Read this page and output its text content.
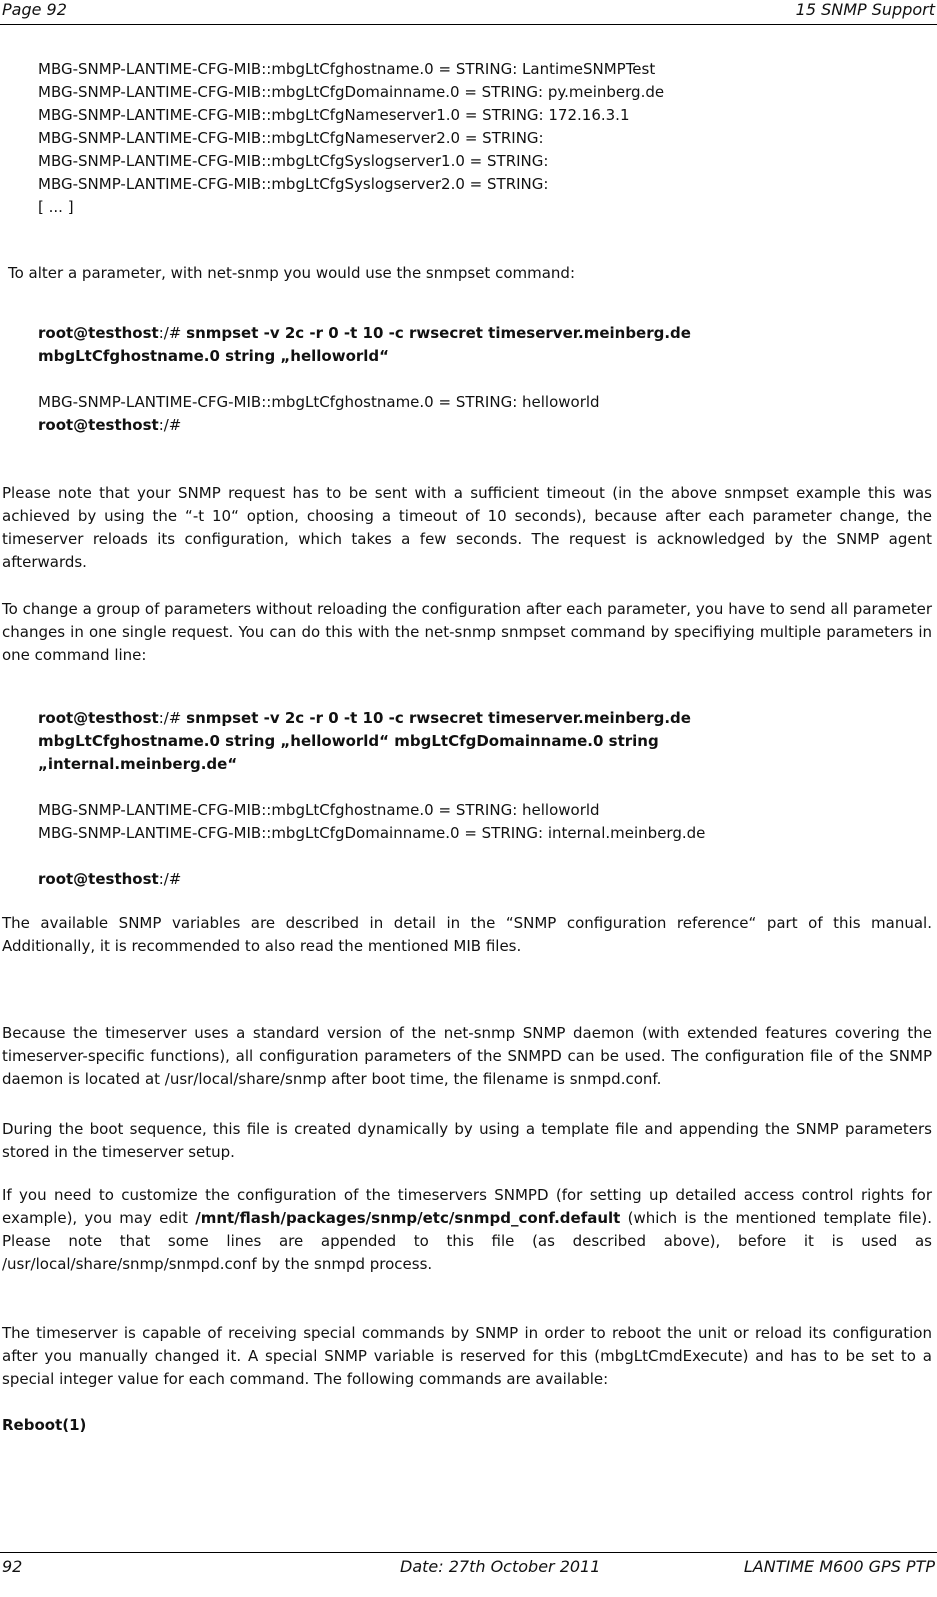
Page 92	15 SNMP Support
MBG-SNMP-LANTIME-CFG-MIB::mbgLtCfghostname.0 = STRING: LantimeSNMPTest
MBG-SNMP-LANTIME-CFG-MIB::mbgLtCfgDomainname.0 = STRING: py.meinberg.de
MBG-SNMP-LANTIME-CFG-MIB::mbgLtCfgNameserver1.0 = STRING: 172.16.3.1
MBG-SNMP-LANTIME-CFG-MIB::mbgLtCfgNameserver2.0 = STRING:
MBG-SNMP-LANTIME-CFG-MIB::mbgLtCfgSyslogserver1.0 = STRING:
MBG-SNMP-LANTIME-CFG-MIB::mbgLtCfgSyslogserver2.0 = STRING:
[ ... ]

To alter a parameter, with net-snmp you would use the snmpset command:

root@testhost:/# snmpset -v 2c -r 0 -t 10 -c rwsecret timeserver.meinberg.de
mbgLtCfghostname.0 string „helloworld“
MBG-SNMP-LANTIME-CFG-MIB::mbgLtCfghostname.0 = STRING: helloworld
root@testhost:/#

Please note that your SNMP request has to be sent with a sufficient timeout (in the above snmpset example this was achieved by using the “-t 10“ option, choosing a timeout of 10 seconds), because after each parameter change, the timeserver reloads its configuration, which takes a few seconds. The request is acknowledged by the SNMP agent afterwards.

To change a group of parameters without reloading the configuration after each parameter, you have to send all parameter changes in one single request. You can do this with the net-snmp snmpset command by specifiying multiple parameters in one command line:

root@testhost:/# snmpset -v 2c -r 0 -t 10 -c rwsecret timeserver.meinberg.de
mbgLtCfghostname.0 string „helloworld“ mbgLtCfgDomainname.0 string
„internal.meinberg.de“
MBG-SNMP-LANTIME-CFG-MIB::mbgLtCfghostname.0 = STRING: helloworld
MBG-SNMP-LANTIME-CFG-MIB::mbgLtCfgDomainname.0 = STRING: internal.meinberg.de
root@testhost:/#

The available SNMP variables are described in detail in the “SNMP configuration reference“ part of this manual. Additionally, it is recommended to also read the mentioned MIB files.

Because the timeserver uses a standard version of the net-snmp SNMP daemon (with extended features covering the timeserver-specific functions), all configuration parameters of the SNMPD can be used. The configuration file of the SNMP daemon is located at /usr/local/share/snmp after boot time, the filename is snmpd.conf.

During the boot sequence, this file is created dynamically by using a template file and appending the SNMP parameters stored in the timeserver setup.

If you need to customize the configuration of the timeservers SNMPD (for setting up detailed access control rights for example), you may edit /mnt/flash/packages/snmp/etc/snmpd_conf.default (which is the mentioned template file). Please note that some lines are appended to this file (as described above), before it is used as /usr/local/share/snmp/snmpd.conf by the snmpd process.

The timeserver is capable of receiving special commands by SNMP in order to reboot the unit or reload its configuration after you manually changed it. A special SNMP variable is reserved for this (mbgLtCmdExecute) and has to be set to a special integer value for each command. The following commands are available:

Reboot(1)

92	Date: 27th October 2011	LANTIME M600 GPS PTP
